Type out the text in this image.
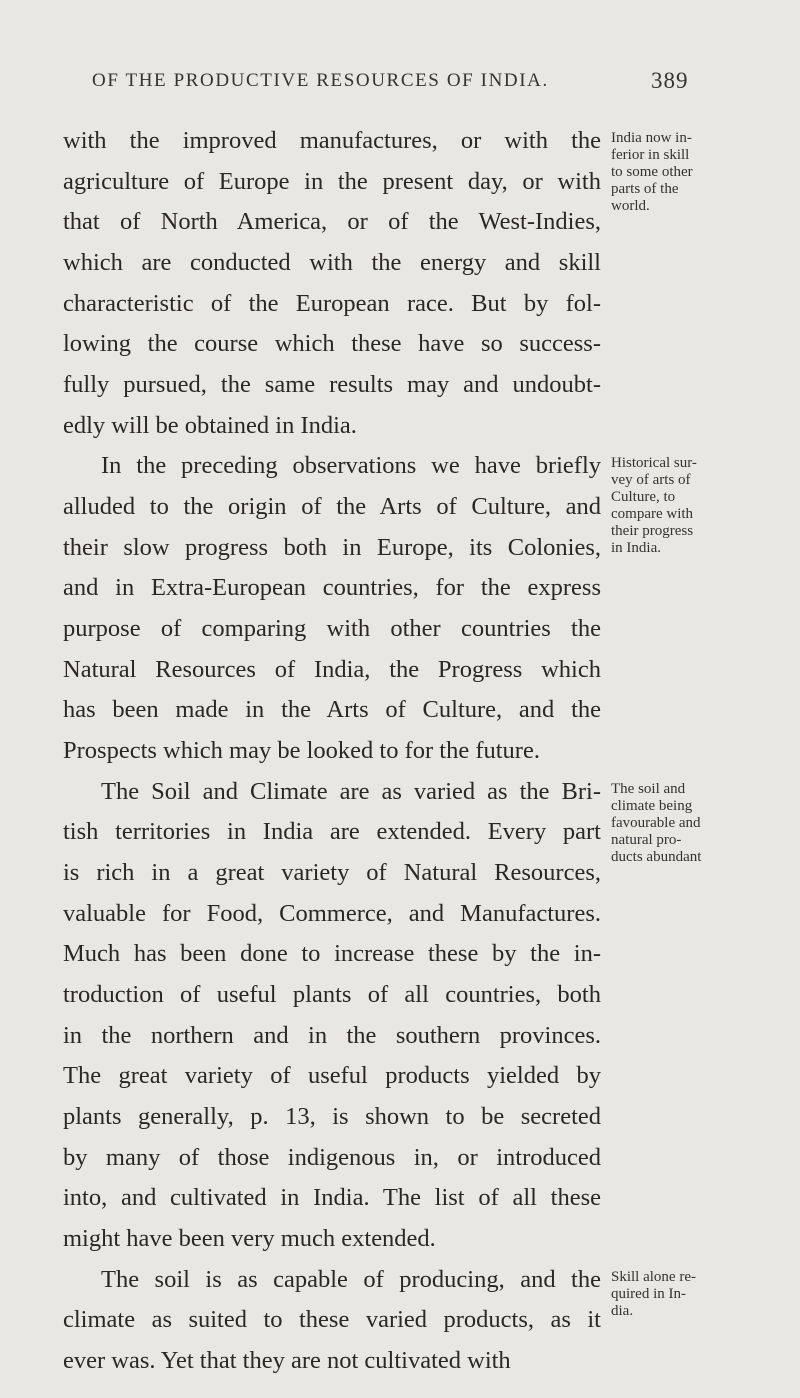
OF THE PRODUCTIVE RESOURCES OF INDIA.	389
with the improved manufactures, or with the
agriculture of Europe in the present day, or with
that of North America, or of the West-Indies,
which are conducted with the energy and skill
characteristic of the European race. But by fol-
lowing the course which these have so success-
fully pursued, the same results may and undoubt-
edly will be obtained in India.
In the preceding observations we have briefly
alluded to the origin of the Arts of Culture, and
their slow progress both in Europe, its Colonies,
and in Extra-European countries, for the express
purpose of comparing with other countries the
Natural Resources of India, the Progress which
has been made in the Arts of Culture, and the
Prospects which may be looked to for the future.
The Soil and Climate are as varied as the Bri-
tish territories in India are extended. Every part
is rich in a great variety of Natural Resources,
valuable for Food, Commerce, and Manufactures.
Much has been done to increase these by the in-
troduction of useful plants of all countries, both
in the northern and in the southern provinces.
The great variety of useful products yielded by
plants generally, p. 13, is shown to be secreted
by many of those indigenous in, or introduced
into, and cultivated in India. The list of all these
might have been very much extended.
The soil is as capable of producing, and the
climate as suited to these varied products, as it
ever was. Yet that they are not cultivated with
India now in-
ferior in skill
to some other
parts of the
world.
Historical sur-
vey of arts of
Culture, to
compare with
their progress
in India.
The soil and
climate being
favourable and
natural pro-
ducts abundant
Skill alone re-
quired in In-
dia.
